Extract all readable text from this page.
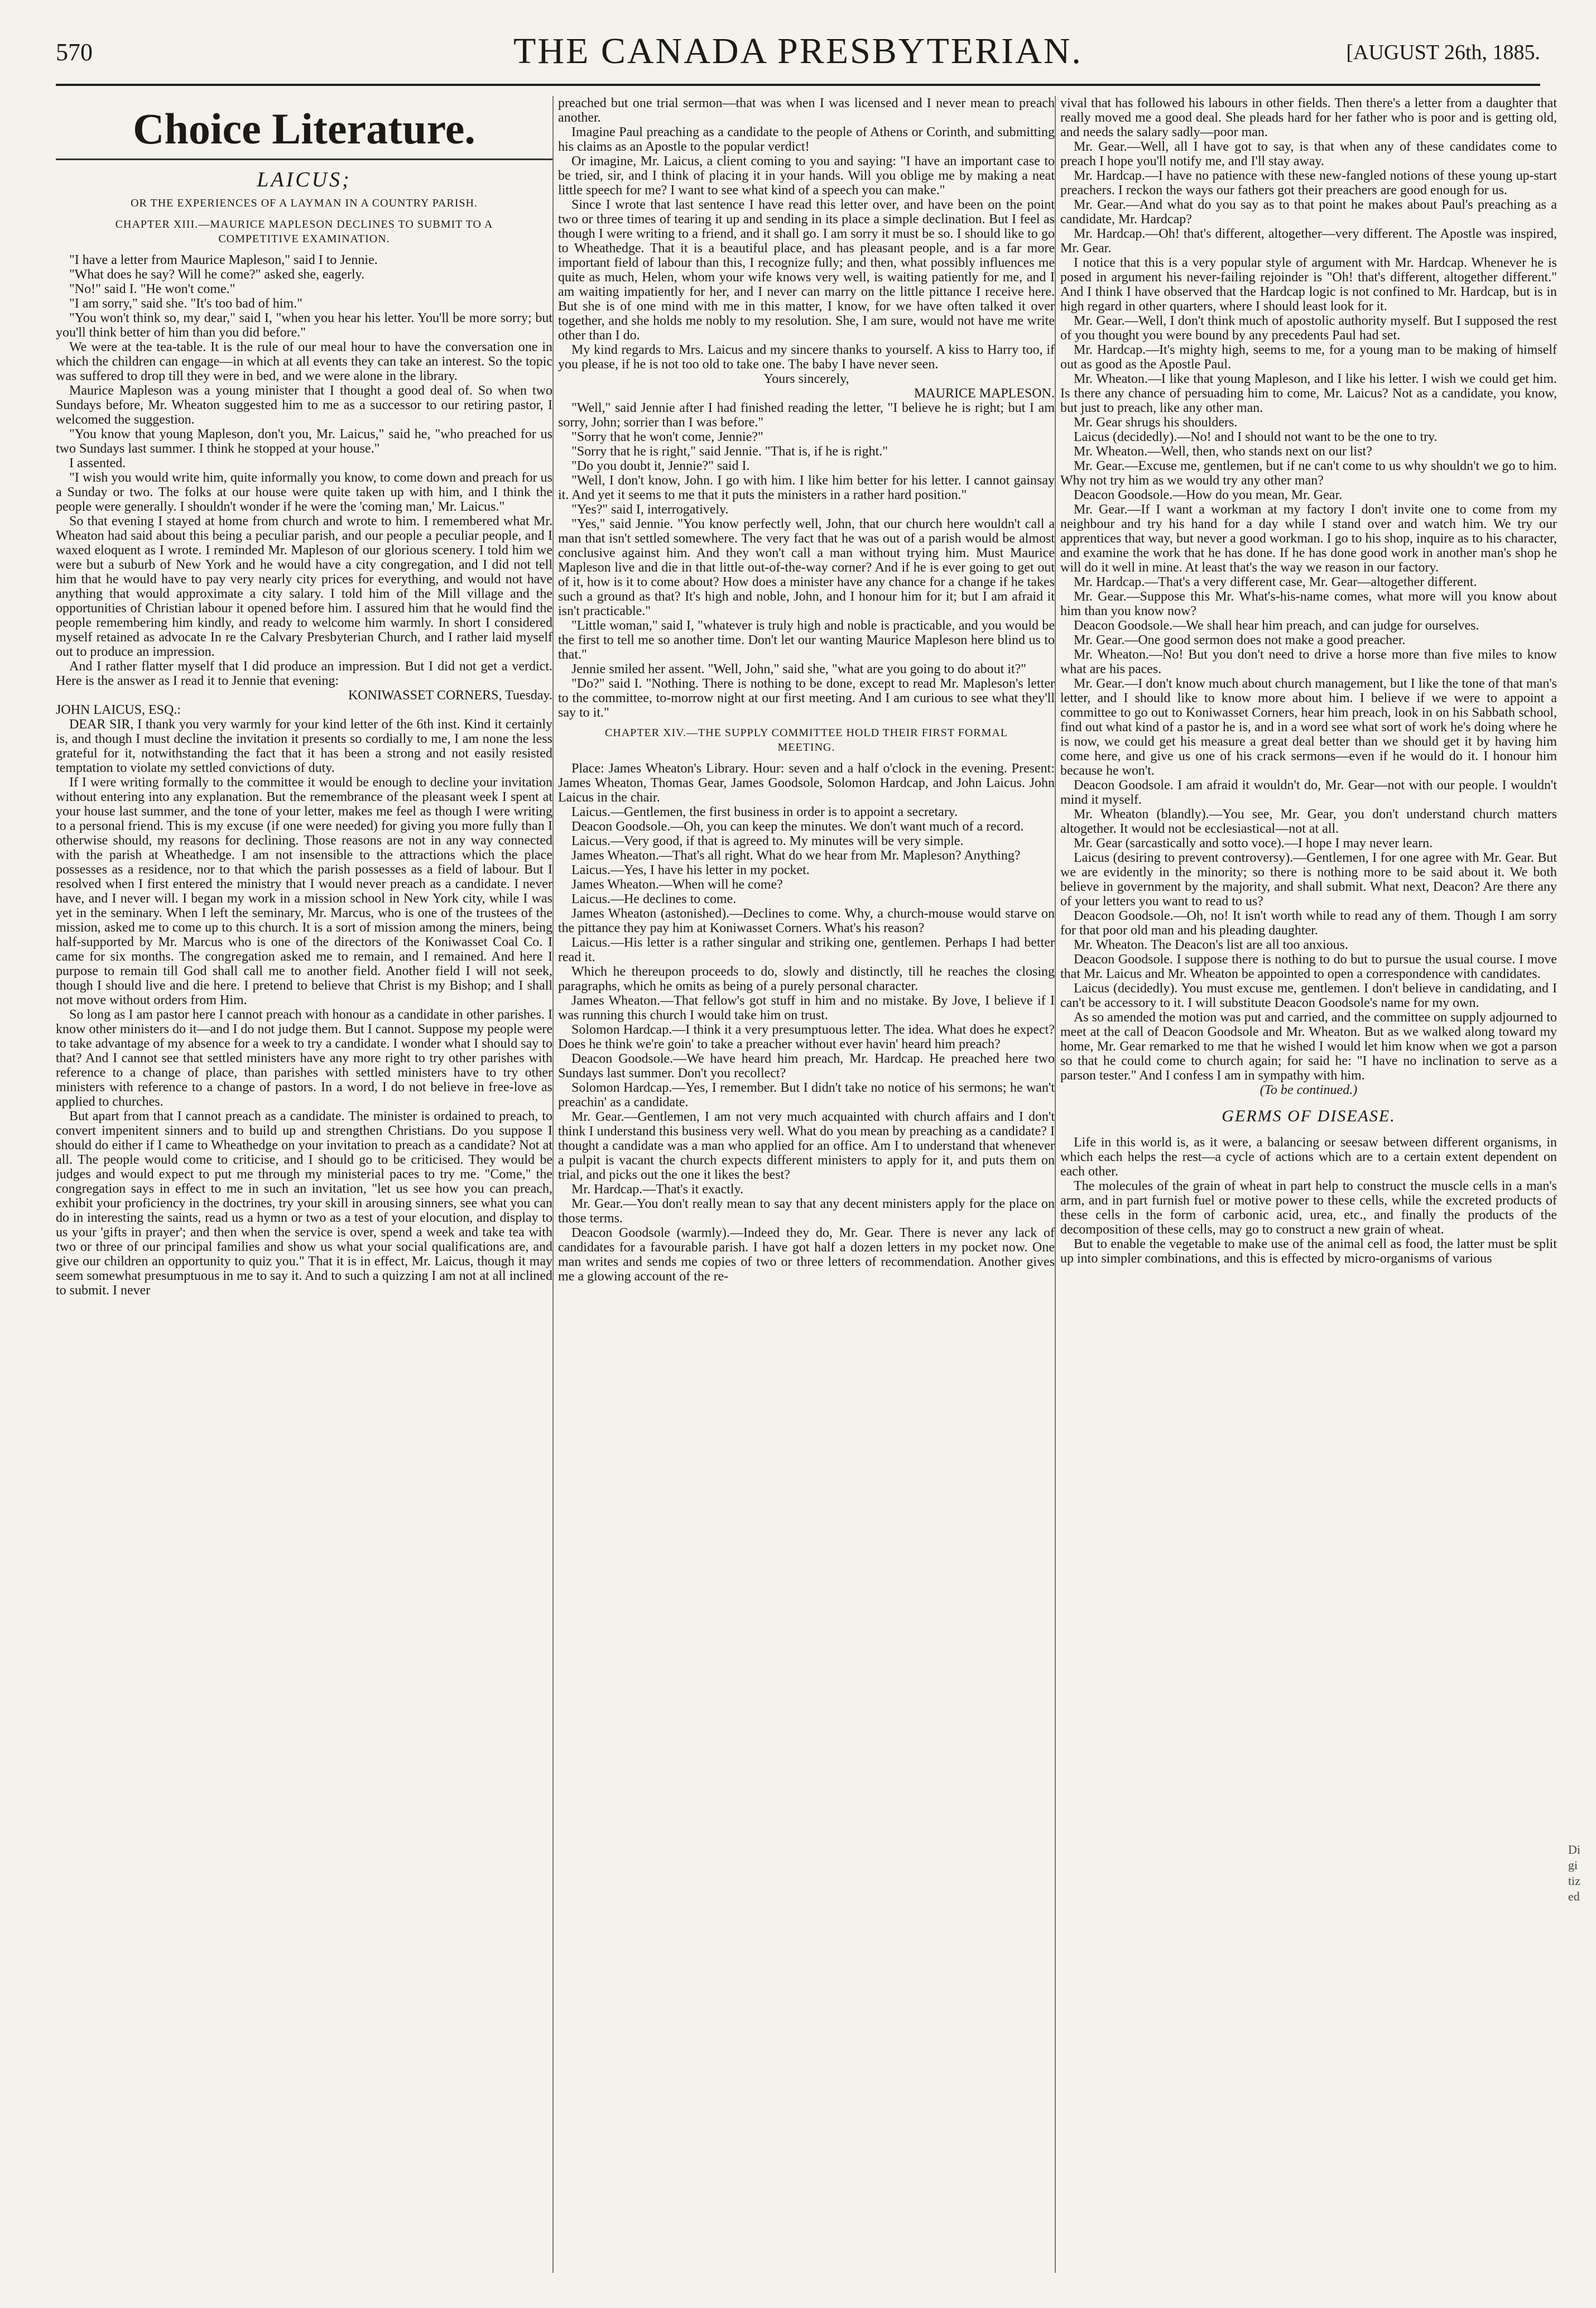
570	THE CANADA PRESBYTERIAN.	[AUGUST 26th, 1885.
Choice Literature.
LAICUS;
OR THE EXPERIENCES OF A LAYMAN IN A COUNTRY PARISH.
CHAPTER XIII.—MAURICE MAPLESON DECLINES TO SUBMIT TO A COMPETITIVE EXAMINATION.

"I have a letter from Maurice Mapleson," said I to Jennie.

"What does he say? Will he come?" asked she, eagerly.

"No!" said I. "He won't come."

"I am sorry," said she. "It's too bad of him."

"You won't think so, my dear," said I, "when you hear his letter. You'll be more sorry; but you'll think better of him than you did before."

We were at the tea-table. It is the rule of our meal hour to have the conversation one in which the children can engage—in which at all events they can take an interest. So the topic was suffered to drop till they were in bed, and we were alone in the library.

Maurice Mapleson was a young minister that I thought a good deal of. So when two Sundays before, Mr. Wheaton suggested him to me as a successor to our retiring pastor, I welcomed the suggestion.

"You know that young Mapleson, don't you, Mr. Laicus," said he, "who preached for us two Sundays last summer. I think he stopped at your house."

I assented.

"I wish you would write him, quite informally you know, to come down and preach for us a Sunday or two. The folks at our house were quite taken up with him, and I think the people were generally. I shouldn't wonder if he were the 'coming man,' Mr. Laicus."

So that evening I stayed at home from church and wrote to him. I remembered what Mr. Wheaton had said about this being a peculiar parish, and our people a peculiar people, and I waxed eloquent as I wrote. I reminded Mr. Mapleson of our glorious scenery. I told him we were but a suburb of New York and he would have a city congregation, and I did not tell him that he would have to pay very nearly city prices for everything, and would not have anything that would approximate a city salary. I told him of the Mill village and the opportunities of Christian labour it opened before him. I assured him that he would find the people remembering him kindly, and ready to welcome him warmly. In short I considered myself retained as advocate In re the Calvary Presbyterian Church, and I rather laid myself out to produce an impression.

And I rather flatter myself that I did produce an impression. But I did not get a verdict. Here is the answer as I read it to Jennie that evening:

KONIWASSET CORNERS, Tuesday.

JOHN LAICUS, ESQ.:

DEAR SIR, I thank you very warmly for your kind letter of the 6th inst. Kind it certainly is, and though I must decline the invitation it presents so cordially to me, I am none the less grateful for it, notwithstanding the fact that it has been a strong and not easily resisted temptation to violate my settled convictions of duty.

If I were writing formally to the committee it would be enough to decline your invitation without entering into any explanation. But the remembrance of the pleasant week I spent at your house last summer, and the tone of your letter, makes me feel as though I were writing to a personal friend. This is my excuse (if one were needed) for giving you more fully than I otherwise should, my reasons for declining. Those reasons are not in any way connected with the parish at Wheathedge. I am not insensible to the attractions which the place possesses as a residence, nor to that which the parish possesses as a field of labour. But I resolved when I first entered the ministry that I would never preach as a candidate. I never have, and I never will. I began my work in a mission school in New York city, while I was yet in the seminary. When I left the seminary, Mr. Marcus, who is one of the trustees of the mission, asked me to come up to this church. It is a sort of mission among the miners, being half-supported by Mr. Marcus who is one of the directors of the Koniwasset Coal Co. I came for six months. The congregation asked me to remain, and I remained. And here I purpose to remain till God shall call me to another field. Another field I will not seek, though I should live and die here. I pretend to believe that Christ is my Bishop; and I shall not move without orders from Him.

So long as I am pastor here I cannot preach with honour as a candidate in other parishes. I know other ministers do it—and I do not judge them. But I cannot. Suppose my people were to take advantage of my absence for a week to try a candidate. I wonder what I should say to that? And I cannot see that settled ministers have any more right to try other parishes with reference to a change of place, than parishes with settled ministers have to try other ministers with reference to a change of pastors. In a word, I do not believe in free-love as applied to churches.

But apart from that I cannot preach as a candidate. The minister is ordained to preach, to convert impenitent sinners and to build up and strengthen Christians. Do you suppose I should do either if I came to Wheathedge on your invitation to preach as a candidate? Not at all. The people would come to criticise, and I should go to be criticised. They would be judges and would expect to put me through my ministerial paces to try me. "Come," the congregation says in effect to me in such an invitation, "let us see how you can preach, exhibit your proficiency in the doctrines, try your skill in arousing sinners, see what you can do in interesting the saints, read us a hymn or two as a test of your elocution, and display to us your 'gifts in prayer'; and then when the service is over, spend a week and take tea with two or three of our principal families and show us what your social qualifications are, and give our children an opportunity to quiz you." That it is in effect, Mr. Laicus, though it may seem somewhat presumptuous in me to say it. And to such a quizzing I am not at all inclined to submit. I never

preached but one trial sermon—that was when I was licensed and I never mean to preach another.

Imagine Paul preaching as a candidate to the people of Athens or Corinth, and submitting his claims as an Apostle to the popular verdict!

Or imagine, Mr. Laicus, a client coming to you and saying: "I have an important case to be tried, sir, and I think of placing it in your hands. Will you oblige me by making a neat little speech for me? I want to see what kind of a speech you can make."

Since I wrote that last sentence I have read this letter over, and have been on the point two or three times of tearing it up and sending in its place a simple declination. But I feel as though I were writing to a friend, and it shall go. I am sorry it must be so. I should like to go to Wheathedge. That it is a beautiful place, and has pleasant people, and is a far more important field of labour than this, I recognize fully; and then, what possibly influences me quite as much, Helen, whom your wife knows very well, is waiting patiently for me, and I am waiting impatiently for her, and I never can marry on the little pittance I receive here. But she is of one mind with me in this matter, I know, for we have often talked it over together, and she holds me nobly to my resolution. She, I am sure, would not have me write other than I do.

My kind regards to Mrs. Laicus and my sincere thanks to yourself. A kiss to Harry too, if you please, if he is not too old to take one. The baby I have never seen.

Yours sincerely,

MAURICE MAPLESON.

"Well," said Jennie after I had finished reading the letter, "I believe he is right; but I am sorry, John; sorrier than I was before."

"Sorry that he won't come, Jennie?"

"Sorry that he is right," said Jennie. "That is, if he is right."

"Do you doubt it, Jennie?" said I.

"Well, I don't know, John. I go with him. I like him better for his letter. I cannot gainsay it. And yet it seems to me that it puts the ministers in a rather hard position."

"Yes?" said I, interrogatively.

"Yes," said Jennie. "You know perfectly well, John, that our church here wouldn't call a man that isn't settled somewhere. The very fact that he was out of a parish would be almost conclusive against him. And they won't call a man without trying him. Must Maurice Mapleson live and die in that little out-of-the-way corner? And if he is ever going to get out of it, how is it to come about? How does a minister have any chance for a change if he takes such a ground as that? It's high and noble, John, and I honour him for it; but I am afraid it isn't practicable."

"Little woman," said I, "whatever is truly high and noble is practicable, and you would be the first to tell me so another time. Don't let our wanting Maurice Mapleson here blind us to that."

Jennie smiled her assent. "Well, John," said she, "what are you going to do about it?"

"Do?" said I. "Nothing. There is nothing to be done, except to read Mr. Mapleson's letter to the committee, to-morrow night at our first meeting. And I am curious to see what they'll say to it."

CHAPTER XIV.—THE SUPPLY COMMITTEE HOLD THEIR FIRST FORMAL MEETING.

Place: James Wheaton's Library. Hour: seven and a half o'clock in the evening. Present: James Wheaton, Thomas Gear, James Goodsole, Solomon Hardcap, and John Laicus. John Laicus in the chair.

Laicus.—Gentlemen, the first business in order is to appoint a secretary.

Deacon Goodsole.—Oh, you can keep the minutes. We don't want much of a record.

Laicus.—Very good, if that is agreed to. My minutes will be very simple.

James Wheaton.—That's all right. What do we hear from Mr. Mapleson? Anything?

Laicus.—Yes, I have his letter in my pocket.

James Wheaton.—When will he come?

Laicus.—He declines to come.

James Wheaton (astonished).—Declines to come. Why, a church-mouse would starve on the pittance they pay him at Koniwasset Corners. What's his reason?

Laicus.—His letter is a rather singular and striking one, gentlemen. Perhaps I had better read it.

Which he thereupon proceeds to do, slowly and distinctly, till he reaches the closing paragraphs, which he omits as being of a purely personal character.

James Wheaton.—That fellow's got stuff in him and no mistake. By Jove, I believe if I was running this church I would take him on trust.

Solomon Hardcap.—I think it a very presumptuous letter. The idea. What does he expect? Does he think we're goin' to take a preacher without ever havin' heard him preach?

Deacon Goodsole.—We have heard him preach, Mr. Hardcap. He preached here two Sundays last summer. Don't you recollect?

Solomon Hardcap.—Yes, I remember. But I didn't take no notice of his sermons; he wan't preachin' as a candidate.

Mr. Gear.—Gentlemen, I am not very much acquainted with church affairs and I don't think I understand this business very well. What do you mean by preaching as a candidate? I thought a candidate was a man who applied for an office. Am I to understand that whenever a pulpit is vacant the church expects different ministers to apply for it, and puts them on trial, and picks out the one it likes the best?

Mr. Hardcap.—That's it exactly.

Mr. Gear.—You don't really mean to say that any decent ministers apply for the place on those terms.

Deacon Goodsole (warmly).—Indeed they do, Mr. Gear. There is never any lack of candidates for a favourable parish. I have got half a dozen letters in my pocket now. One man writes and sends me copies of two or three letters of recommendation. Another gives me a glowing account of the re-

vival that has followed his labours in other fields. Then there's a letter from a daughter that really moved me a good deal. She pleads hard for her father who is poor and is getting old, and needs the salary sadly—poor man.

Mr. Gear.—Well, all I have got to say, is that when any of these candidates come to preach I hope you'll notify me, and I'll stay away.

Mr. Hardcap.—I have no patience with these new-fangled notions of these young up-start preachers. I reckon the ways our fathers got their preachers are good enough for us.

Mr. Gear.—And what do you say as to that point he makes about Paul's preaching as a candidate, Mr. Hardcap?

Mr. Hardcap.—Oh! that's different, altogether—very different. The Apostle was inspired, Mr. Gear.

I notice that this is a very popular style of argument with Mr. Hardcap. Whenever he is posed in argument his never-failing rejoinder is "Oh! that's different, altogether different." And I think I have observed that the Hardcap logic is not confined to Mr. Hardcap, but is in high regard in other quarters, where I should least look for it.

Mr. Gear.—Well, I don't think much of apostolic authority myself. But I supposed the rest of you thought you were bound by any precedents Paul had set.

Mr. Hardcap.—It's mighty high, seems to me, for a young man to be making of himself out as good as the Apostle Paul.

Mr. Wheaton.—I like that young Mapleson, and I like his letter. I wish we could get him. Is there any chance of persuading him to come, Mr. Laicus? Not as a candidate, you know, but just to preach, like any other man.

Mr. Gear shrugs his shoulders.

Laicus (decidedly).—No! and I should not want to be the one to try.

Mr. Wheaton.—Well, then, who stands next on our list?

Mr. Gear.—Excuse me, gentlemen, but if ne can't come to us why shouldn't we go to him. Why not try him as we would try any other man?

Deacon Goodsole.—How do you mean, Mr. Gear.

Mr. Gear.—If I want a workman at my factory I don't invite one to come from my neighbour and try his hand for a day while I stand over and watch him. We try our apprentices that way, but never a good workman. I go to his shop, inquire as to his character, and examine the work that he has done. If he has done good work in another man's shop he will do it well in mine. At least that's the way we reason in our factory.

Mr. Hardcap.—That's a very different case, Mr. Gear—altogether different.

Mr. Gear.—Suppose this Mr. What's-his-name comes, what more will you know about him than you know now?

Deacon Goodsole.—We shall hear him preach, and can judge for ourselves.

Mr. Gear.—One good sermon does not make a good preacher.

Mr. Wheaton.—No! But you don't need to drive a horse more than five miles to know what are his paces.

Mr. Gear.—I don't know much about church management, but I like the tone of that man's letter, and I should like to know more about him. I believe if we were to appoint a committee to go out to Koniwasset Corners, hear him preach, look in on his Sabbath school, find out what kind of a pastor he is, and in a word see what sort of work he's doing where he is now, we could get his measure a great deal better than we should get it by having him come here, and give us one of his crack sermons—even if he would do it. I honour him because he won't.

Deacon Goodsole. I am afraid it wouldn't do, Mr. Gear—not with our people. I wouldn't mind it myself.

Mr. Wheaton (blandly).—You see, Mr. Gear, you don't understand church matters altogether. It would not be ecclesiastical—not at all.

Mr. Gear (sarcastically and sotto voce).—I hope I may never learn.

Laicus (desiring to prevent controversy).—Gentlemen, I for one agree with Mr. Gear. But we are evidently in the minority; so there is nothing more to be said about it. We both believe in government by the majority, and shall submit. What next, Deacon? Are there any of your letters you want to read to us?

Deacon Goodsole.—Oh, no! It isn't worth while to read any of them. Though I am sorry for that poor old man and his pleading daughter.

Mr. Wheaton. The Deacon's list are all too anxious.

Deacon Goodsole. I suppose there is nothing to do but to pursue the usual course. I move that Mr. Laicus and Mr. Wheaton be appointed to open a correspondence with candidates.

Laicus (decidedly). You must excuse me, gentlemen. I don't believe in candidating, and I can't be accessory to it. I will substitute Deacon Goodsole's name for my own.

As so amended the motion was put and carried, and the committee on supply adjourned to meet at the call of Deacon Goodsole and Mr. Wheaton. But as we walked along toward my home, Mr. Gear remarked to me that he wished I would let him know when we got a parson so that he could come to church again; for said he: "I have no inclination to serve as a parson tester." And I confess I am in sympathy with him.

(To be continued.)

GERMS OF DISEASE.

Life in this world is, as it were, a balancing or seesaw between different organisms, in which each helps the rest—a cycle of actions which are to a certain extent dependent on each other.

The molecules of the grain of wheat in part help to construct the muscle cells in a man's arm, and in part furnish fuel or motive power to these cells, while the excreted products of these cells in the form of carbonic acid, urea, etc., and finally the products of the decomposition of these cells, may go to construct a new grain of wheat.

But to enable the vegetable to make use of the animal cell as food, the latter must be split up into simpler combinations, and this is effected by micro-organisms of various

Digitized
